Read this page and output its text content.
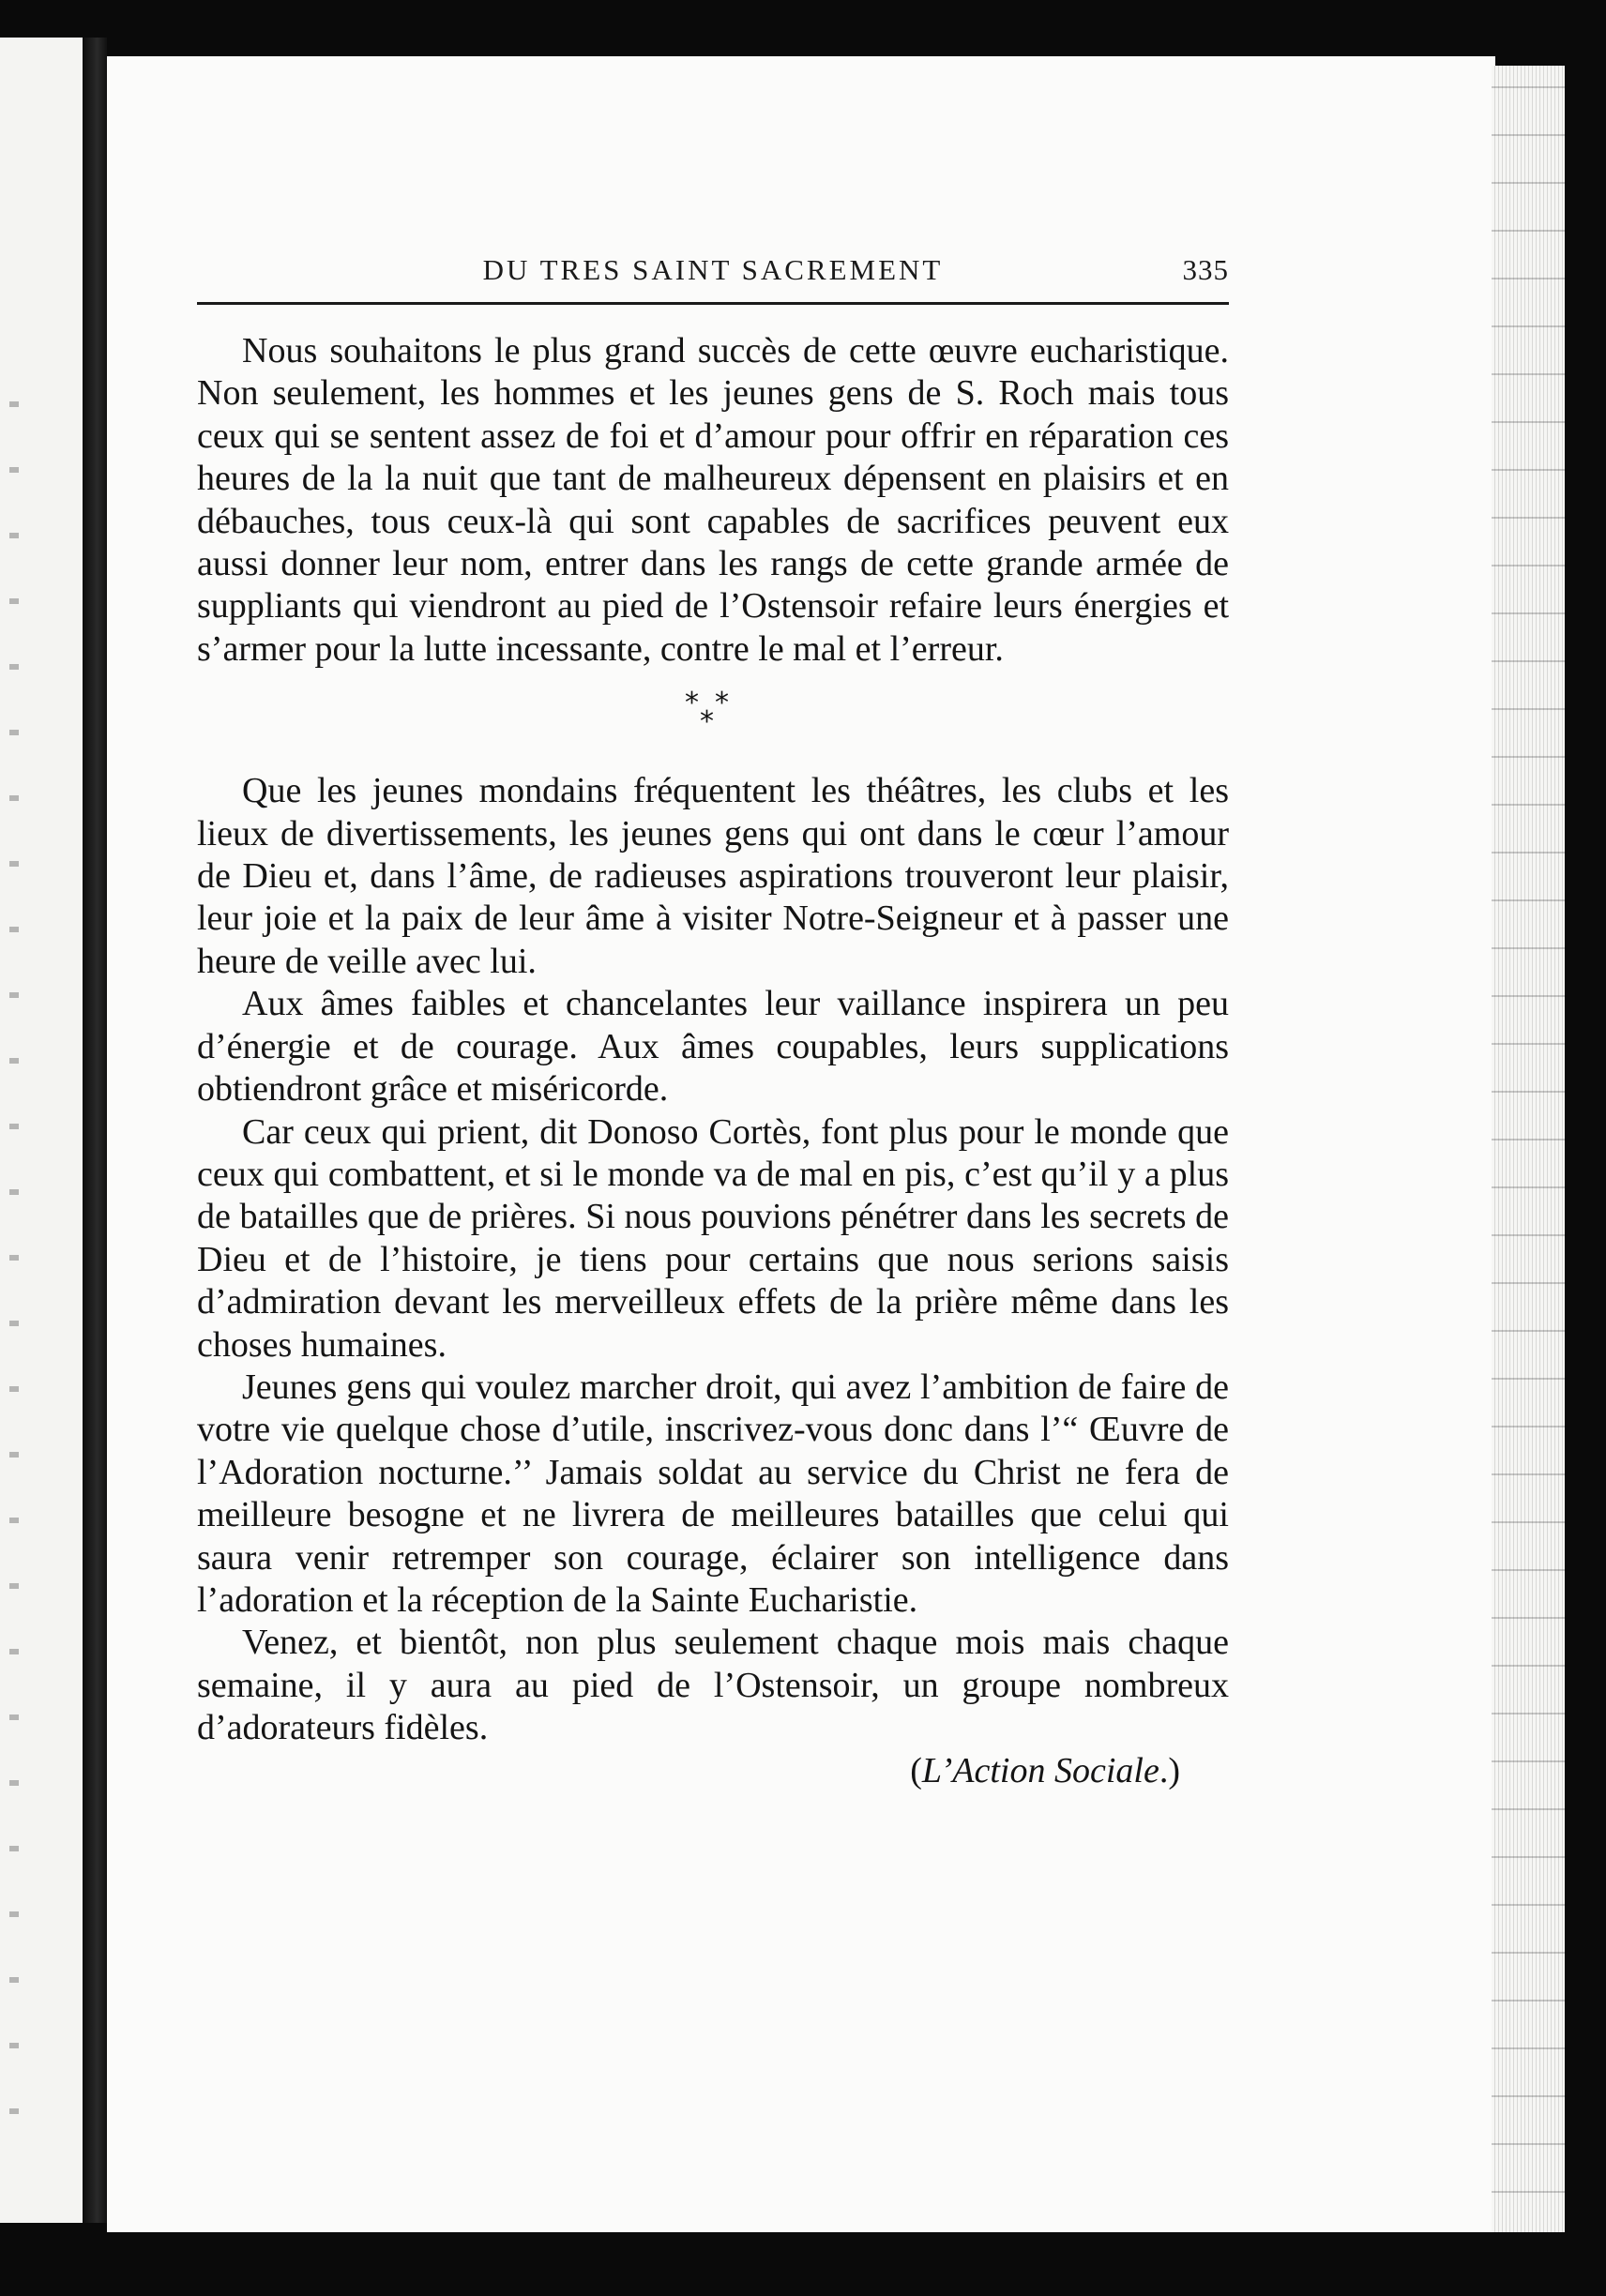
DU TRES SAINT SACREMENT	335

Nous souhaitons le plus grand succès de cette œuvre eucharistique. Non seulement, les hommes et les jeunes gens de S. Roch mais tous ceux qui se sentent assez de foi et d’amour pour offrir en réparation ces heures de la la nuit que tant de malheureux dépensent en plaisirs et en débauches, tous ceux-là qui sont capables de sacrifices peuvent eux aussi donner leur nom, entrer dans les rangs de cette grande armée de suppliants qui viendront au pied de l’Ostensoir refaire leurs énergies et s’armer pour la lutte incessante, contre le mal et l’erreur.

* *
*

Que les jeunes mondains fréquentent les théâtres, les clubs et les lieux de divertissements, les jeunes gens qui ont dans le cœur l’amour de Dieu et, dans l’âme, de radieuses aspirations trouveront leur plaisir, leur joie et la paix de leur âme à visiter Notre-Seigneur et à passer une heure de veille avec lui.

Aux âmes faibles et chancelantes leur vaillance inspirera un peu d’énergie et de courage. Aux âmes coupables, leurs supplications obtiendront grâce et miséricorde.

Car ceux qui prient, dit Donoso Cortès, font plus pour le monde que ceux qui combattent, et si le monde va de mal en pis, c’est qu’il y a plus de batailles que de prières. Si nous pouvions pénétrer dans les secrets de Dieu et de l’histoire, je tiens pour certains que nous serions saisis d’admiration devant les merveilleux effets de la prière même dans les choses humaines.

Jeunes gens qui voulez marcher droit, qui avez l’ambition de faire de votre vie quelque chose d’utile, inscrivez-vous donc dans l’“ Œuvre de l’Adoration nocturne.’’ Jamais soldat au service du Christ ne fera de meilleure besogne et ne livrera de meilleures batailles que celui qui saura venir retremper son courage, éclairer son intelligence dans l’adoration et la réception de la Sainte Eucharistie.

Venez, et bientôt, non plus seulement chaque mois mais chaque semaine, il y aura au pied de l’Ostensoir, un groupe nombreux d’adorateurs fidèles.

(L’Action Sociale.)
